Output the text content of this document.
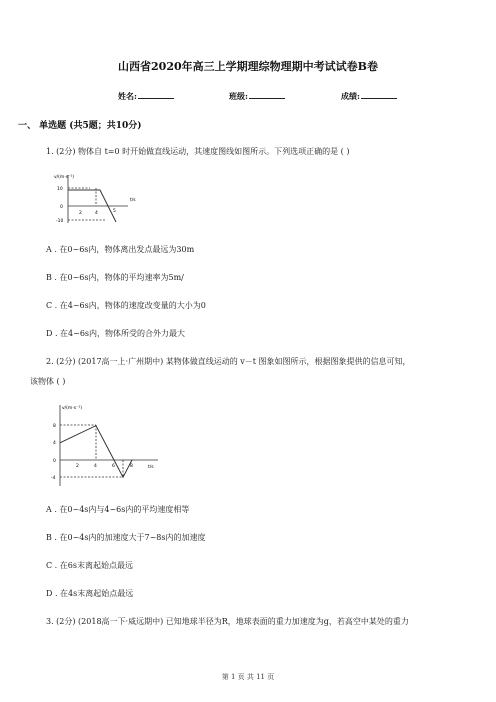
山西省2020年高三上学期理综物理期中考试试卷B卷
姓名:	班级:	成绩:
一、 单选题 (共5题；共10分)
1. (2分) 物体自 t=0 时开始做直线运动，其速度图线如图所示。下列选项正确的是 ( )
v/(m·s⁻¹)
t/s
10
0
-10
2	4	5
A . 在0~6s内，物体离出发点最远为30m
B . 在0~6s内，物体的平均速率为5m/
C . 在4~6s内，物体的速度改变量的大小为0
D . 在4~6s内，物体所受的合外力最大
2. (2分) (2017高一上·广州期中) 某物体做直线运动的 v－t 图象如图所示，根据图象提供的信息可知，
该物体 ( )
v/(m·s⁻¹)
t/s
8
4
0
-4
2	4	6	8
A . 在0~4s内与4~6s内的平均速度相等
B . 在0~4s内的加速度大于7~8s内的加速度
C . 在6s末离起始点最远
D . 在4s末离起始点最远
3. (2分) (2018高一下·威远期中) 已知地球半径为R，地球表面的重力加速度为g，若高空中某处的重力
第 1 页 共 11 页
